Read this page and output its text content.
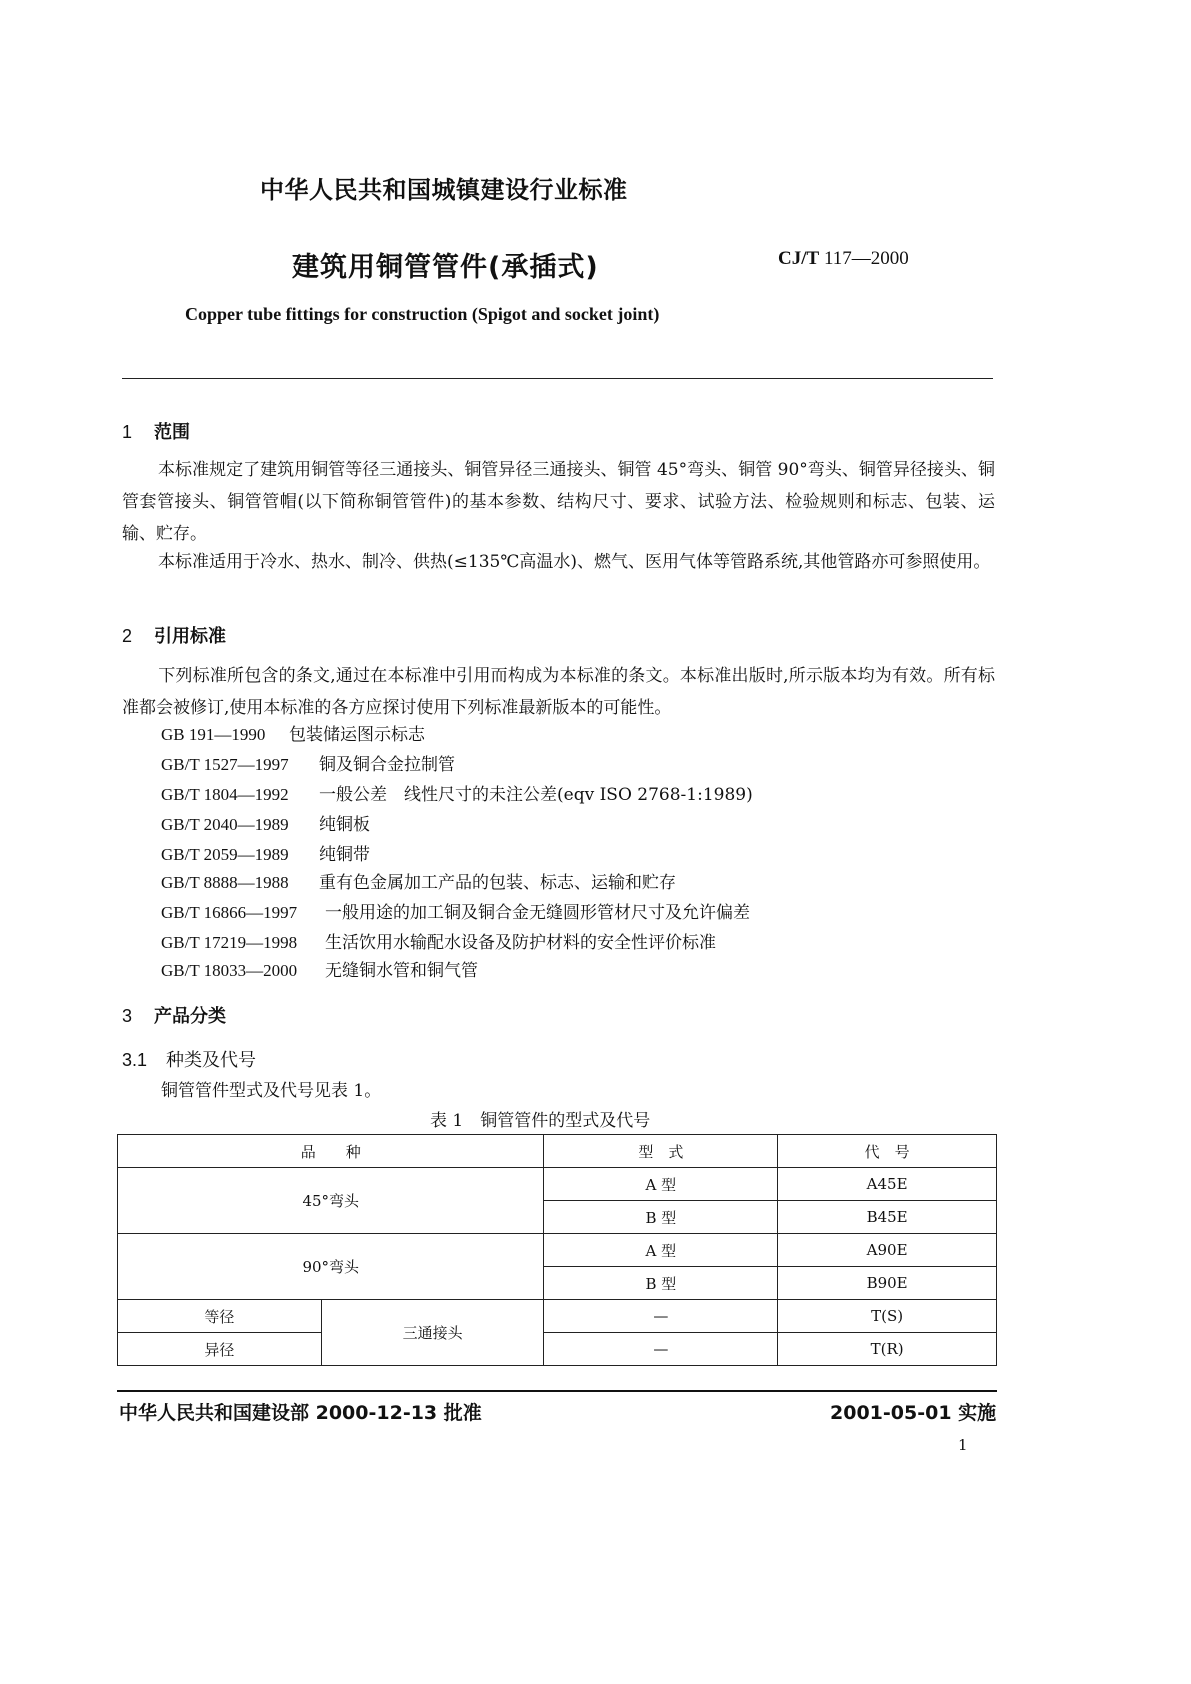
中华人民共和国城镇建设行业标准
建筑用铜管管件(承插式)	CJ/T 117—2000
Copper tube fittings for construction (Spigot and socket joint)
1 范围
本标准规定了建筑用铜管等径三通接头、铜管异径三通接头、铜管 45°弯头、铜管 90°弯头、铜管异径接头、铜管套管接头、铜管管帽(以下简称铜管管件)的基本参数、结构尺寸、要求、试验方法、检验规则和标志、包装、运输、贮存。
本标准适用于冷水、热水、制冷、供热(≤135℃高温水)、燃气、医用气体等管路系统,其他管路亦可参照使用。
2 引用标准
下列标准所包含的条文,通过在本标准中引用而构成为本标准的条文。本标准出版时,所示版本均为有效。所有标准都会被修订,使用本标准的各方应探讨使用下列标准最新版本的可能性。
GB 191—1990 包装储运图示标志
GB/T 1527—1997 铜及铜合金拉制管
GB/T 1804—1992 一般公差　线性尺寸的未注公差(eqv ISO 2768-1:1989)
GB/T 2040—1989 纯铜板
GB/T 2059—1989 纯铜带
GB/T 8888—1988 重有色金属加工产品的包装、标志、运输和贮存
GB/T 16866—1997 一般用途的加工铜及铜合金无缝圆形管材尺寸及允许偏差
GB/T 17219—1998 生活饮用水输配水设备及防护材料的安全性评价标准
GB/T 18033—2000 无缝铜水管和铜气管
3 产品分类
3.1 种类及代号
铜管管件型式及代号见表 1。
表 1　铜管管件的型式及代号
品　　种		型　式	代　号
45°弯头		A 型	A45E
		B 型	B45E
90°弯头		A 型	A90E
		B 型	B90E
等径	三通接头	—	T(S)
异径		—	T(R)
中华人民共和国建设部 2000-12-13 批准	2001-05-01 实施
1
